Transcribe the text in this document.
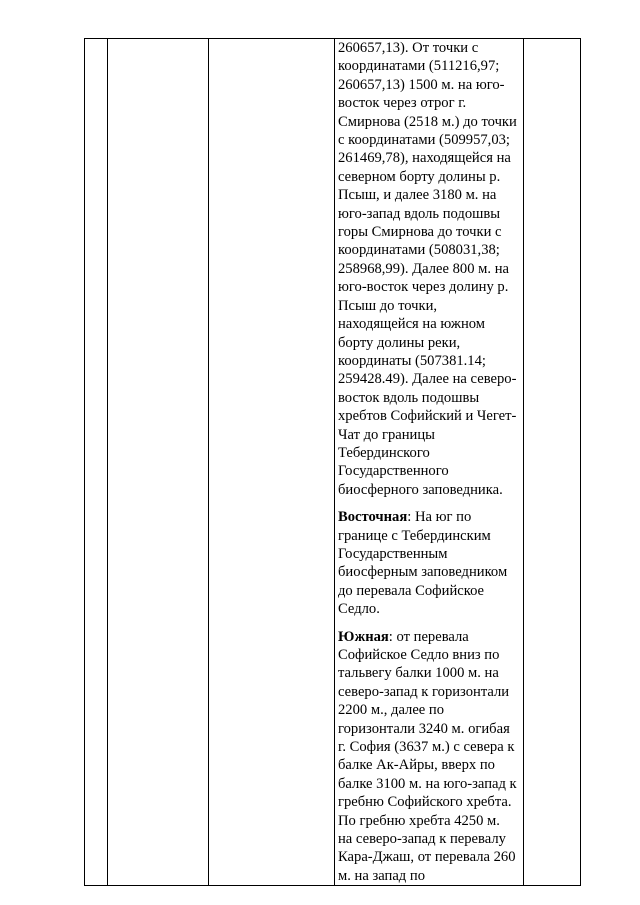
260657,13). От точки с
координатами (511216,97;
260657,13) 1500 м. на юго-
восток через отрог г.
Смирнова (2518 м.) до точки
с координатами (509957,03;
261469,78), находящейся на
северном борту долины р.
Псыш, и далее 3180 м. на
юго-запад вдоль подошвы
горы Смирнова до точки с
координатами (508031,38;
258968,99). Далее 800 м. на
юго-восток через долину р.
Псыш до точки,
находящейся на южном
борту долины реки,
координаты (507381.14;
259428.49). Далее на северо-
восток вдоль подошвы
хребтов Софийский и Чегет-
Чат до границы
Тебердинского
Государственного
биосферного заповедника.

Восточная: На юг по
границe с Тебердинским
Государственным
биосферным заповедником
до перевала Софийское
Седло.

Южная: от перевала
Софийское Седло вниз по
тальвегу балки 1000 м. на
северо-запад к горизонтали
2200 м., далее по
горизонтали 3240 м. огибая
г. София (3637 м.) с севера к
балке Ак-Айры, вверх по
балке 3100 м. на юго-запад к
гребню Софийского хребта.
По гребню хребта 4250 м.
на северо-запад к перевалу
Кара-Джаш, от перевала 260
м. на запад по
